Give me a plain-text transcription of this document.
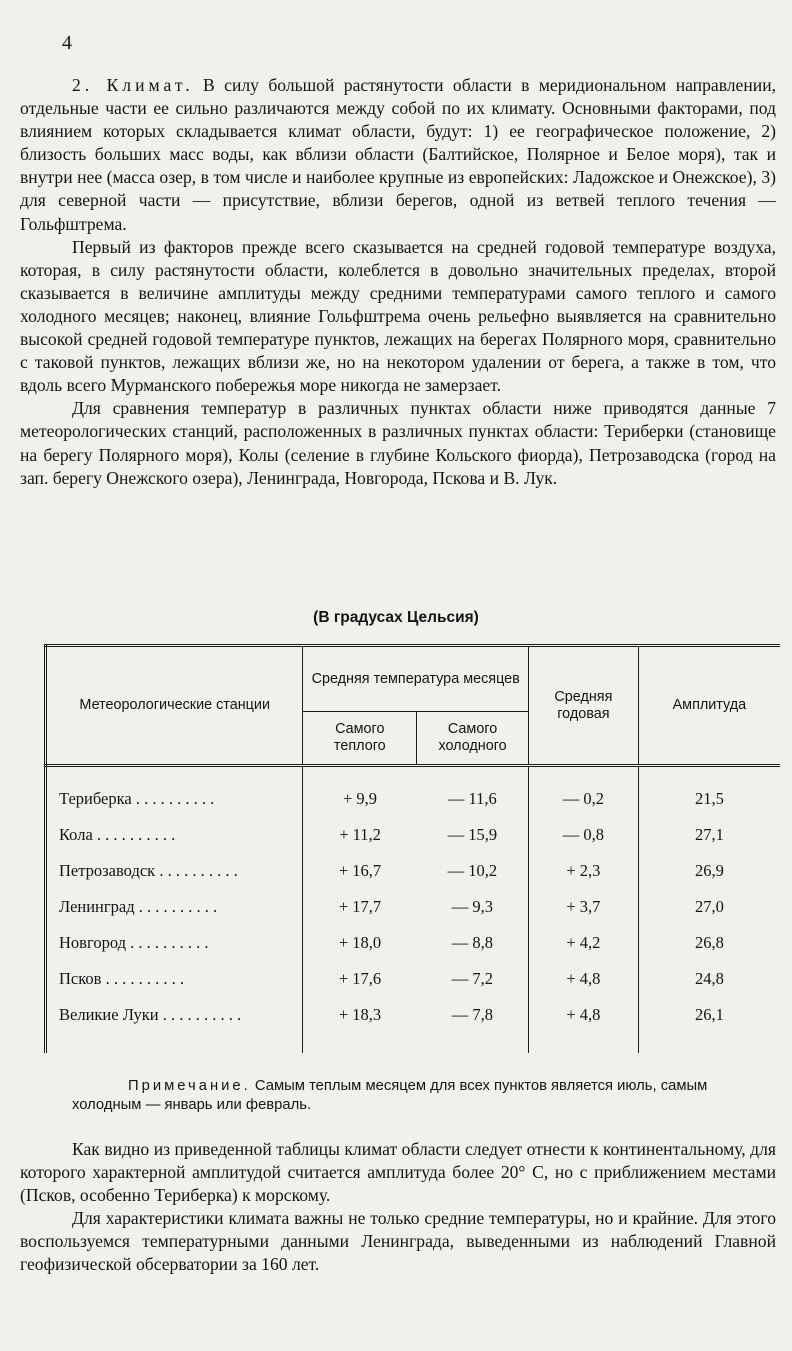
4

2. Климат. В силу большой растянутости области в меридиональном направлении, отдельные части ее сильно различаются между собой по их климату. Основными факторами, под влиянием которых складывается климат области, будут: 1) ее географическое положение, 2) близость больших масс воды, как вблизи области (Балтийское, Полярное и Белое моря), так и внутри нее (масса озер, в том числе и наиболее крупные из европейских: Ладожское и Онежское), 3) для северной части — присутствие, вблизи берегов, одной из ветвей теплого течения — Гольфштрема.

Первый из факторов прежде всего сказывается на средней годовой температуре воздуха, которая, в силу растянутости области, колеблется в довольно значительных пределах, второй сказывается в величине амплитуды между средними температурами самого теплого и самого холодного месяцев; наконец, влияние Гольфштрема очень рельефно выявляется на сравнительно высокой средней годовой температуре пунктов, лежащих на берегах Полярного моря, сравнительно с таковой пунктов, лежащих вблизи же, но на некотором удалении от берега, а также в том, что вдоль всего Мурманского побережья море никогда не замерзает.

Для сравнения температур в различных пунктах области ниже приводятся данные 7 метеорологических станций, расположенных в различных пунктах области: Териберки (становище на берегу Полярного моря), Колы (селение в глубине Кольского фиорда), Петрозаводска (город на зап. берегу Онежского озера), Ленинграда, Новгорода, Пскова и В. Лук.

(В градусах Цельсия)
Метеорологические станции	Средняя температура месяцев		Средняя годовая	Амплитуда
	Самого теплого	Самого холодного		

Териберка . . . . . . . . . .	+ 9,9	— 11,6	— 0,2	21,5
Кола . . . . . . . . . .	+ 11,2	— 15,9	— 0,8	27,1
Петрозаводск . . . . . . . . . .	+ 16,7	— 10,2	+ 2,3	26,9
Ленинград . . . . . . . . . .	+ 17,7	— 9,3	+ 3,7	27,0
Новгород . . . . . . . . . .	+ 18,0	— 8,8	+ 4,2	26,8
Псков . . . . . . . . . .	+ 17,6	— 7,2	+ 4,8	24,8
Великие Луки . . . . . . . . . .	+ 18,3	— 7,8	+ 4,8	26,1

Примечание. Самым теплым месяцем для всех пунктов является июль, самым холодным — январь или февраль.

Как видно из приведенной таблицы климат области следует отнести к континентальному, для которого характерной амплитудой считается амплитуда более 20° С, но с приближением местами (Псков, особенно Териберка) к морскому.

Для характеристики климата важны не только средние температуры, но и крайние. Для этого воспользуемся температурными данными Ленинграда, выведенными из наблюдений Главной геофизической обсерватории за 160 лет.
